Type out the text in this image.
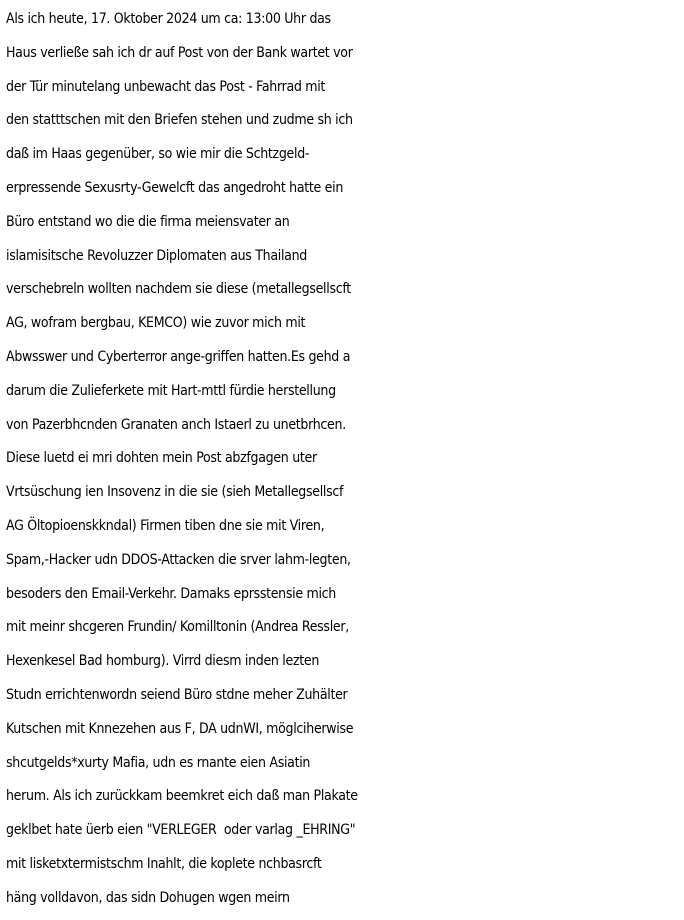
Als ich heute, 17. Oktober 2024 um ca: 13:00 Uhr das
Haus verließe sah ich dr auf Post von der Bank wartet vor
der Tür minutelang unbewacht das Post - Fahrrad mit
den statttschen mit den Briefen stehen und zudme sh ich
daß im Haas gegenüber, so wie mir die Schtzgeld-
erpressende Sexusrty-Gewelcft das angedroht hatte ein
Büro entstand wo die die firma meiensvater an
islamisitsche Revoluzzer Diplomaten aus Thailand
verschebreln wollten nachdem sie diese (metallegsellscft
AG, wofram bergbau, KEMCO) wie zuvor mich mit
Abwsswer und Cyberterror ange-griffen hatten.Es gehd a
darum die Zulieferkete mit Hart-mttl fürdie herstellung
von Pazerbhcnden Granaten anch Istaerl zu unetbrhcen.
Diese luetd ei mri dohten mein Post abzfgagen uter
Vrtsüschung ien Insovenz in die sie (sieh Metallegsellscf
AG Öltopioenskkndal) Firmen tiben dne sie mit Viren,
Spam,-Hacker udn DDOS-Attacken die srver lahm-legten,
besoders den Email-Verkehr. Damaks eprsstensie mich
mit meinr shcgeren Frundin/ Komilltonin (Andrea Ressler,
Hexenkesel Bad homburg). Virrd diesm inden lezten
Studn errichtenwordn seiend Büro stdne meher Zuhälter
Kutschen mit Knnezehen aus F, DA udnWI, möglciherwise
shcutgelds*xurty Mafia, udn es rnante eien Asiatin
herum. Als ich zurückkam beemkret eich daß man Plakate
geklbet hate üerb eien "VERLEGER  oder varlag _EHRING"
mit lisketxtermistschm Inahlt, die koplete nchbasrcft
häng volldavon, das sidn Dohugen wgen meirn
